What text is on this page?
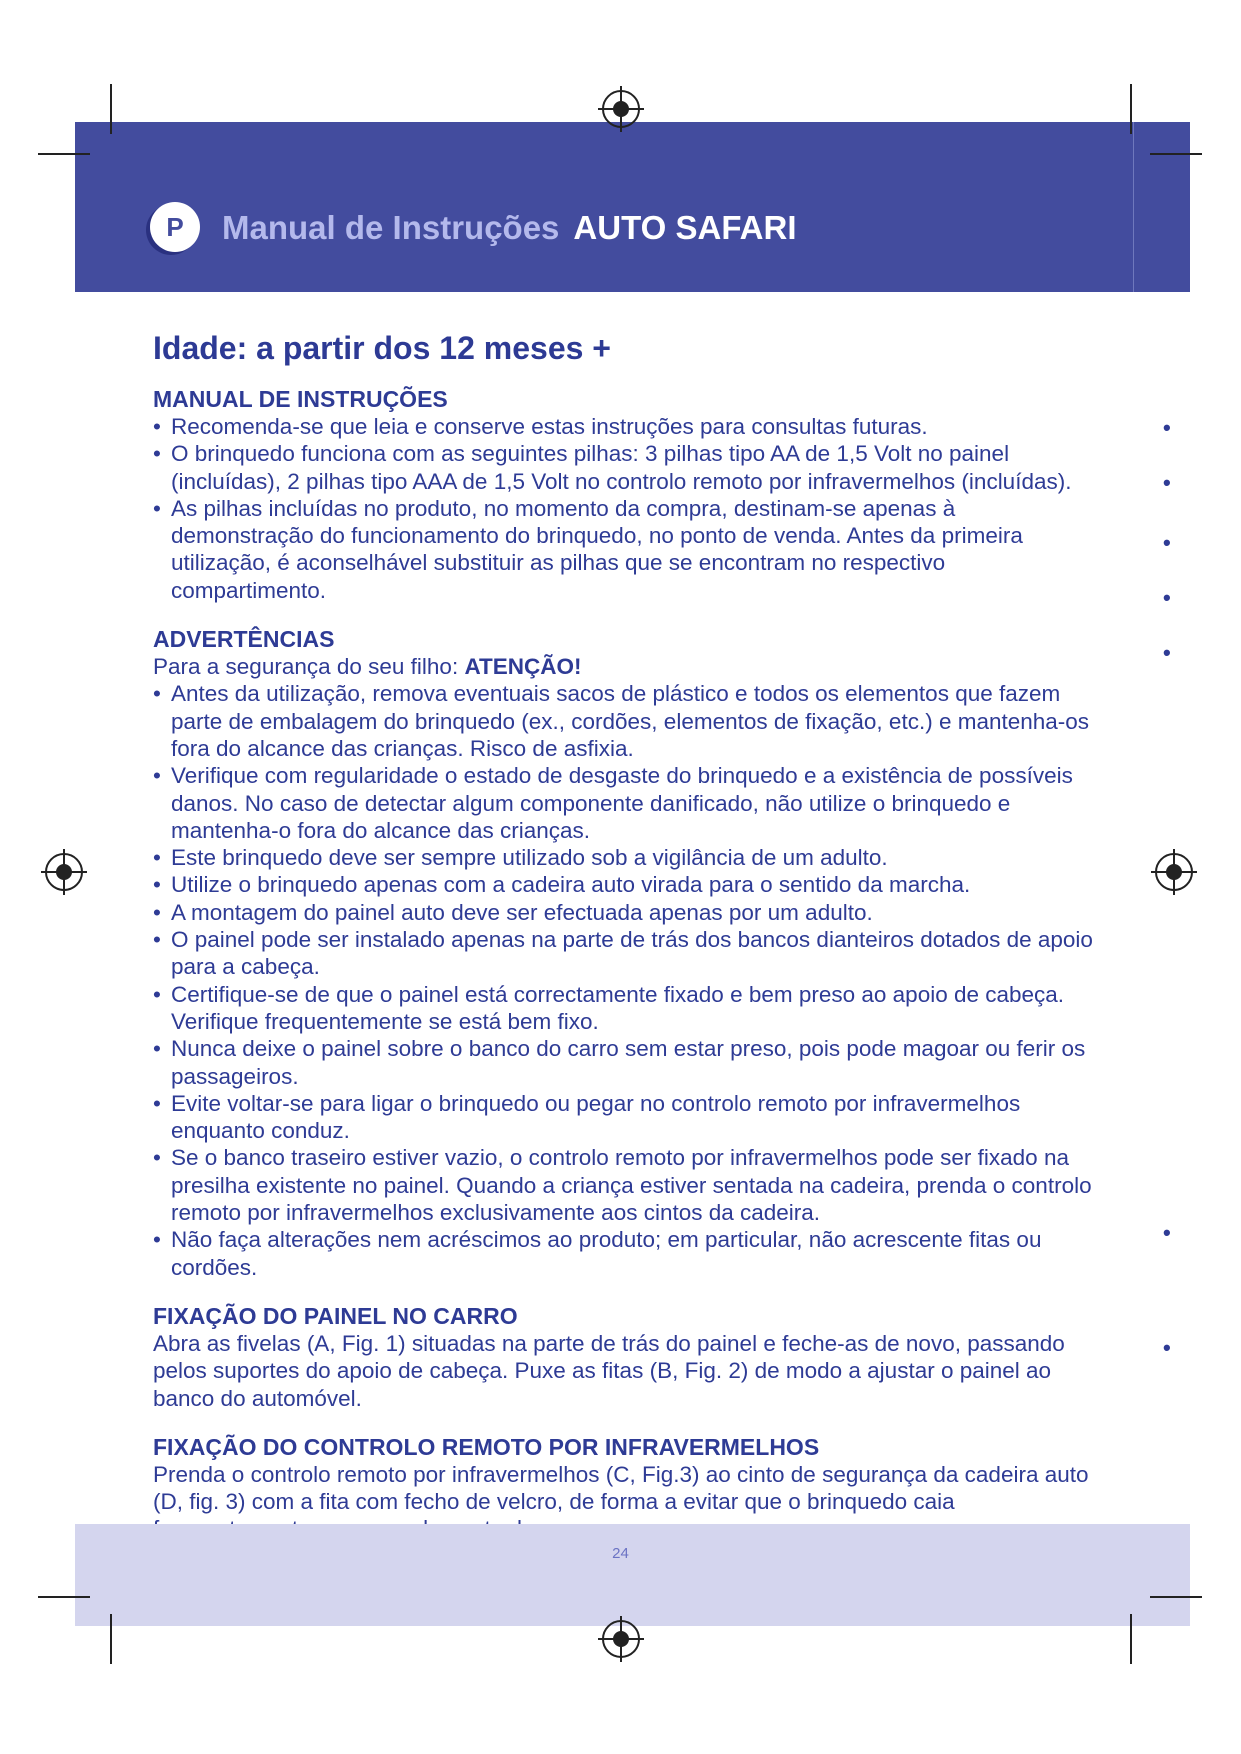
P	Manual de Instruções AUTO SAFARI
Idade: a partir dos 12 meses +
MANUAL DE INSTRUÇÕES
• Recomenda-se que leia e conserve estas instruções para consultas futuras.
• O brinquedo funciona com as seguintes pilhas: 3 pilhas tipo AA de 1,5 Volt no painel (incluídas), 2 pilhas tipo AAA de 1,5 Volt no controlo remoto por infravermelhos (incluídas).
• As pilhas incluídas no produto, no momento da compra, destinam-se apenas à demonstração do funcionamento do brinquedo, no ponto de venda. Antes da primeira utilização, é aconselhável substituir as pilhas que se encontram no respectivo compartimento.
ADVERTÊNCIAS
Para a segurança do seu filho: ATENÇÃO!
• Antes da utilização, remova eventuais sacos de plástico e todos os elementos que fazem parte de embalagem do brinquedo (ex., cordões, elementos de fixação, etc.) e mantenha-os fora do alcance das crianças. Risco de asfixia.
• Verifique com regularidade o estado de desgaste do brinquedo e a existência de possíveis danos. No caso de detectar algum componente danificado, não utilize o brinquedo e mantenha-o fora do alcance das crianças.
• Este brinquedo deve ser sempre utilizado sob a vigilância de um adulto.
• Utilize o brinquedo apenas com a cadeira auto virada para o sentido da marcha.
• A montagem do painel auto deve ser efectuada apenas por um adulto.
• O painel pode ser instalado apenas na parte de trás dos bancos dianteiros dotados de apoio para a cabeça.
• Certifique-se de que o painel está correctamente fixado e bem preso ao apoio de cabeça. Verifique frequentemente se está bem fixo.
• Nunca deixe o painel sobre o banco do carro sem estar preso, pois pode magoar ou ferir os passageiros.
• Evite voltar-se para ligar o brinquedo ou pegar no controlo remoto por infravermelhos enquanto conduz.
• Se o banco traseiro estiver vazio, o controlo remoto por infravermelhos pode ser fixado na presilha existente no painel. Quando a criança estiver sentada na cadeira, prenda o controlo remoto por infravermelhos exclusivamente aos cintos da cadeira.
• Não faça alterações nem acréscimos ao produto; em particular, não acrescente fitas ou cordões.
FIXAÇÃO DO PAINEL NO CARRO
Abra as fivelas (A, Fig. 1) situadas na parte de trás do painel e feche-as de novo, passando pelos suportes do apoio de cabeça. Puxe as fitas (B, Fig. 2) de modo a ajustar o painel ao banco do automóvel.
FIXAÇÃO DO CONTROLO REMOTO POR INFRAVERMELHOS
Prenda o controlo remoto por infravermelhos (C, Fig.3) ao cinto de segurança da cadeira auto (D, fig. 3) com a fita com fecho de velcro, de forma a evitar que o brinquedo caia
24
•
•
•
•
•
•
•
